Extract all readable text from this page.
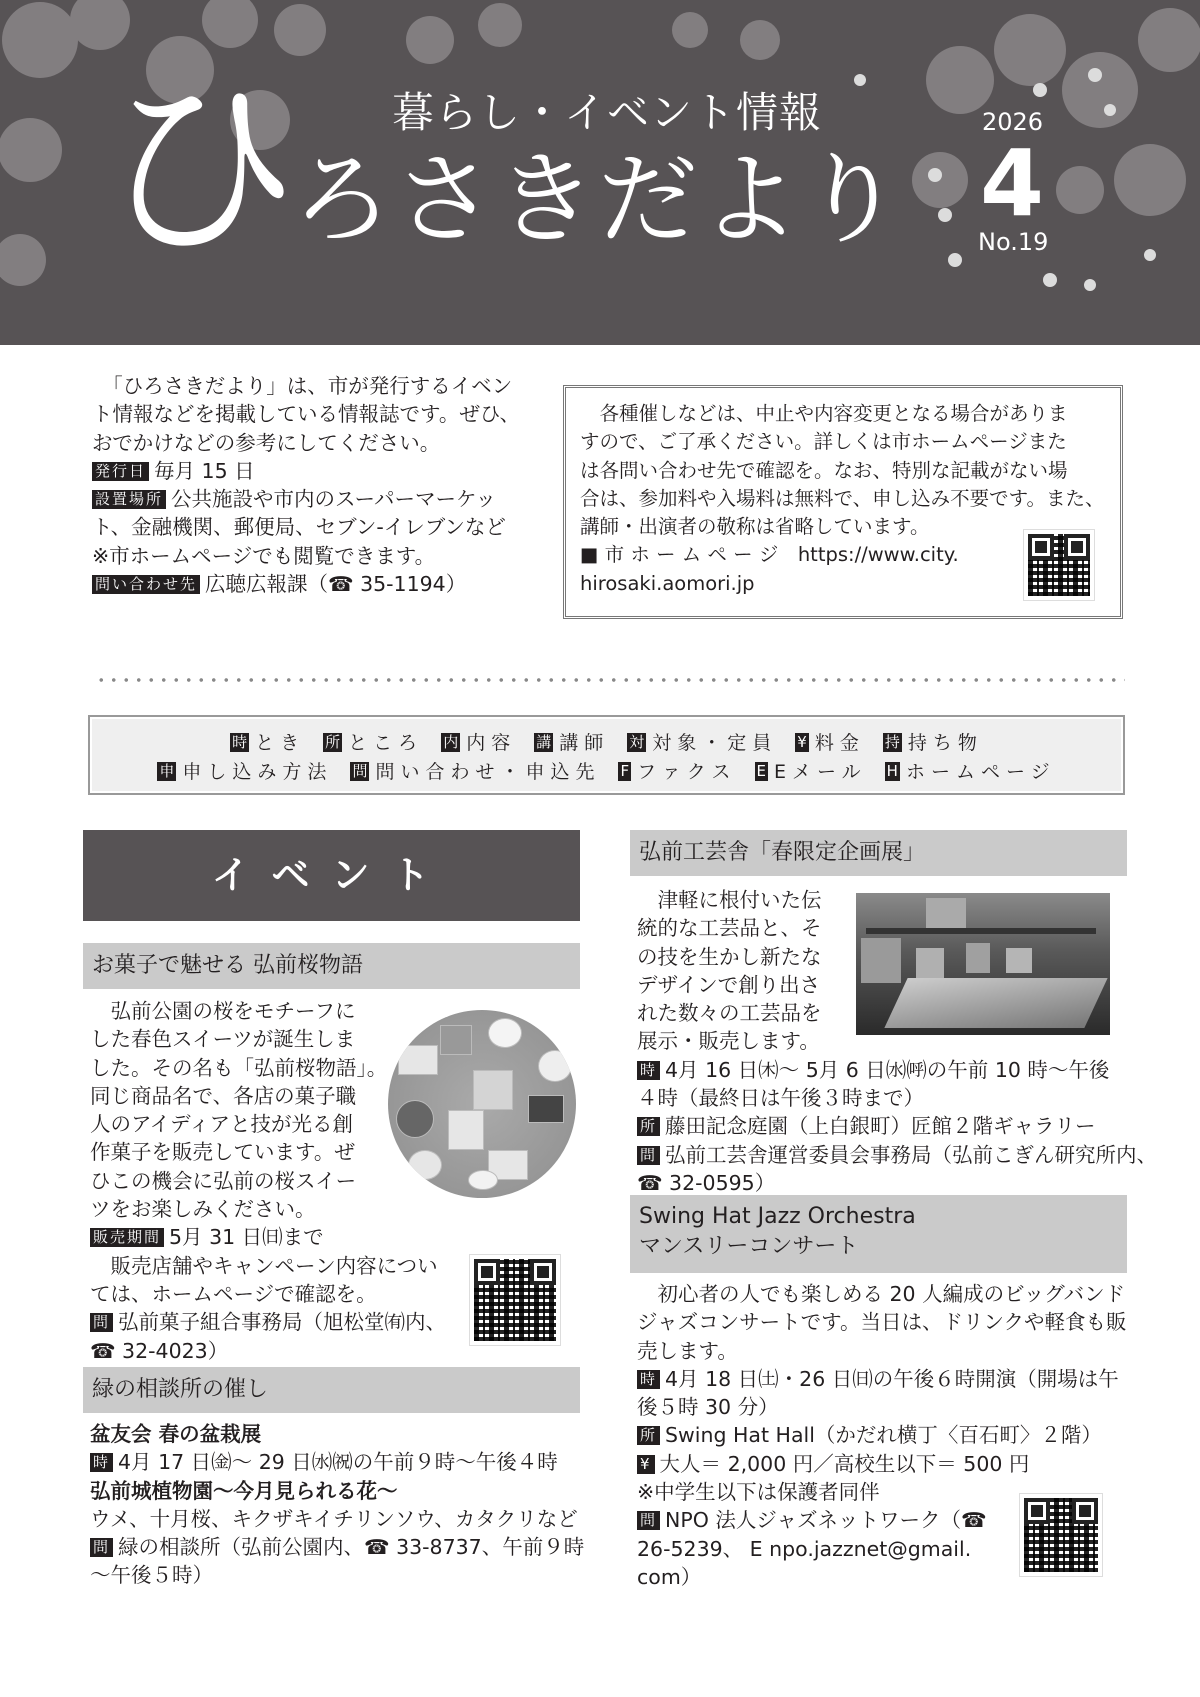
暮らし・イベント情報
ひ
ろさきだより
2026
4
No.19
　「ひろさきだより」は、市が発行するイベン
ト情報などを掲載している情報誌です。ぜひ、
おでかけなどの参考にしてください。
発行日 毎月 15 日
設置場所 公共施設や市内のスーパーマーケッ
ト、金融機関、郵便局、セブン-イレブンなど
※市ホームページでも閲覧できます。
問い合わせ先 広聴広報課（☎ 35-1194）
　各種催しなどは、中止や内容変更となる場合がありま
すので、ご了承ください。詳しくは市ホームページまた
は各問い合わせ先で確認を。なお、特別な記載がない場
合は、参加料や入場料は無料で、申し込み不要です。また、
講師・出演者の敬称は省略しています。
■ 市 ホ ー ム ペ ー ジ　https://www.city.
hirosaki.aomori.jp
時 とき 所 ところ 内 内容 講 講師 対 対象・定員 ¥ 料金 持 持ち物
申 申し込み方法 問 問い合わせ・申込先 F ファクス E Eメール H ホームページ
イベント
お菓子で魅せる 弘前桜物語
　弘前公園の桜をモチーフに
した春色スイーツが誕生しま
した。その名も「弘前桜物語」。
同じ商品名で、各店の菓子職
人のアイディアと技が光る創
作菓子を販売しています。ぜ
ひこの機会に弘前の桜スイー
ツをお楽しみください。
販売期間 5月 31 日㈰まで
　販売店舗やキャンペーン内容につい
ては、ホームページで確認を。
問 弘前菓子組合事務局（旭松堂㈲内、
☎ 32-4023）
緑の相談所の催し
盆友会 春の盆栽展
時 4月 17 日㈮～ 29 日㈬㈷の午前９時～午後４時
弘前城植物園～今月見られる花～
ウメ、十月桜、キクザキイチリンソウ、カタクリなど
問 緑の相談所（弘前公園内、☎ 33-8737、午前９時
～午後５時）
弘前工芸舎「春限定企画展」
　津軽に根付いた伝
統的な工芸品と、そ
の技を生かし新たな
デザインで創り出さ
れた数々の工芸品を
展示・販売します。
時 4月 16 日㈭～ 5月 6 日㈬㈺の午前 10 時～午後
４時（最終日は午後３時まで）
所 藤田記念庭園（上白銀町）匠館２階ギャラリー
問 弘前工芸舎運営委員会事務局（弘前こぎん研究所内、
☎ 32-0595）
Swing Hat Jazz Orchestra
マンスリーコンサート
　初心者の人でも楽しめる 20 人編成のビッグバンド
ジャズコンサートです。当日は、ドリンクや軽食も販
売します。
時 4月 18 日㈯・26 日㈰の午後６時開演（開場は午
後５時 30 分）
所 Swing Hat Hall（かだれ横丁〈百石町〉２階）
¥ 大人＝ 2,000 円／高校生以下＝ 500 円
※中学生以下は保護者同伴
問 NPO 法人ジャズネットワーク（☎
26-5239、 E npo.jazznet@gmail.
com）
